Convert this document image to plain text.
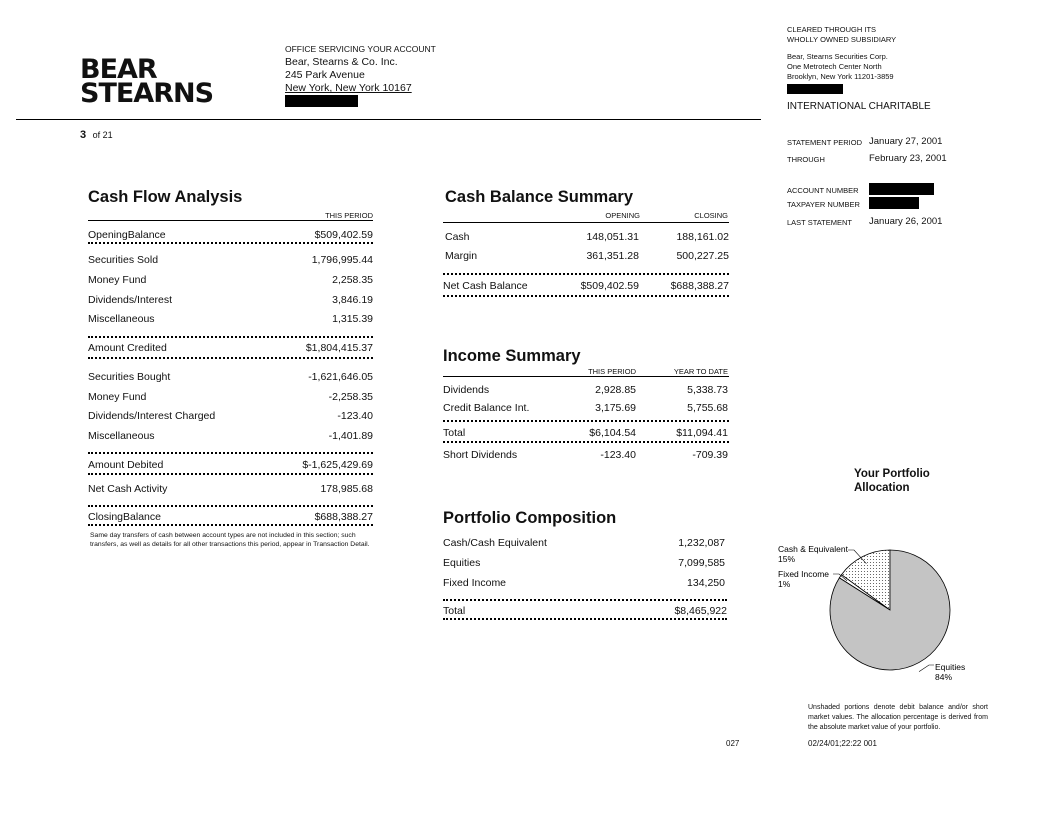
BEAR
STEARNS
OFFICE SERVICING YOUR ACCOUNT
Bear, Stearns & Co. Inc.
245 Park Avenue
New York, New York 10167
3 of 21
CLEARED THROUGH ITS
WHOLLY OWNED SUBSIDIARY
Bear, Stearns Securities Corp.
One Metrotech Center North
Brooklyn, New York 11201-3859
INTERNATIONAL CHARITABLE
STATEMENT PERIOD January 27, 2001
THROUGH	February 23, 2001
ACCOUNT NUMBER
TAXPAYER NUMBER
LAST STATEMENT January 26, 2001
Cash Flow Analysis
THIS PERIOD
OpeningBalance	$509,402.59
Securities Sold	1,796,995.44
Money Fund	2,258.35
Dividends/Interest	3,846.19
Miscellaneous	1,315.39
Amount Credited	$1,804,415.37
Securities Bought	-1,621,646.05
Money Fund	-2,258.35
Dividends/Interest Charged	-123.40
Miscellaneous	-1,401.89
Amount Debited	$-1,625,429.69
Net Cash Activity	178,985.68
ClosingBalance	$688,388.27
Same day transfers of cash between account types are not included in this section; such transfers, as well as details for all other transactions this period, appear in Transaction Detail.
Cash Balance Summary
OPENING	CLOSING
Cash	148,051.31	188,161.02
Margin	361,351.28	500,227.25
Net Cash Balance	$509,402.59	$688,388.27
Income Summary
THIS PERIOD	YEAR TO DATE
Dividends	2,928.85	5,338.73
Credit Balance Int.	3,175.69	5,755.68
Total	$6,104.54	$11,094.41
Short Dividends	-123.40	-709.39
Portfolio Composition
Cash/Cash Equivalent	1,232,087
Equities	7,099,585
Fixed Income	134,250
Total	$8,465,922
Your Portfolio
Allocation
Cash & Equivalent 15%
Fixed Income 1%
Equities 84%
Unshaded portions denote debit balance and/or short market values. The allocation percentage is derived from the absolute market value of your portfolio.
027	02/24/01;22:22 001
